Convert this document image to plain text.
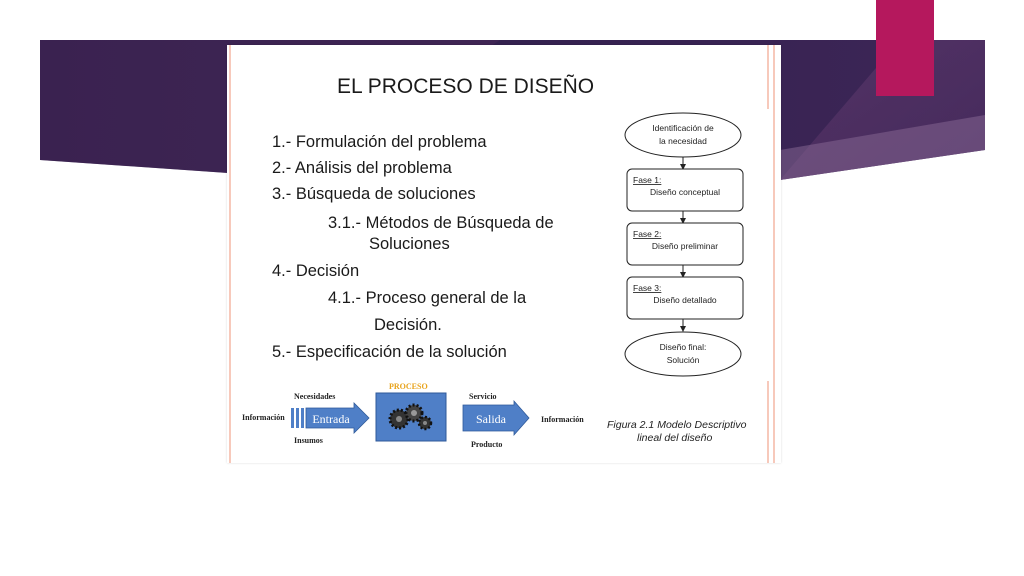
EL PROCESO DE DISEÑO
1.- Formulación del problema
2.- Análisis del problema
3.- Búsqueda de soluciones
3.1.- Métodos de Búsqueda de
Soluciones
4.- Decisión
4.1.- Proceso general de la
Decisión.
5.- Especificación de la solución
Identificación de
la necesidad
Fase 1:
Diseño conceptual
Fase 2:
Diseño preliminar
Fase 3:
Diseño detallado
Diseño final:
Solución
Figura 2.1 Modelo Descriptivo
lineal del diseño
PROCESO
Necesidades
Información
Insumos
Servicio
Información
Producto
Entrada	Salida
